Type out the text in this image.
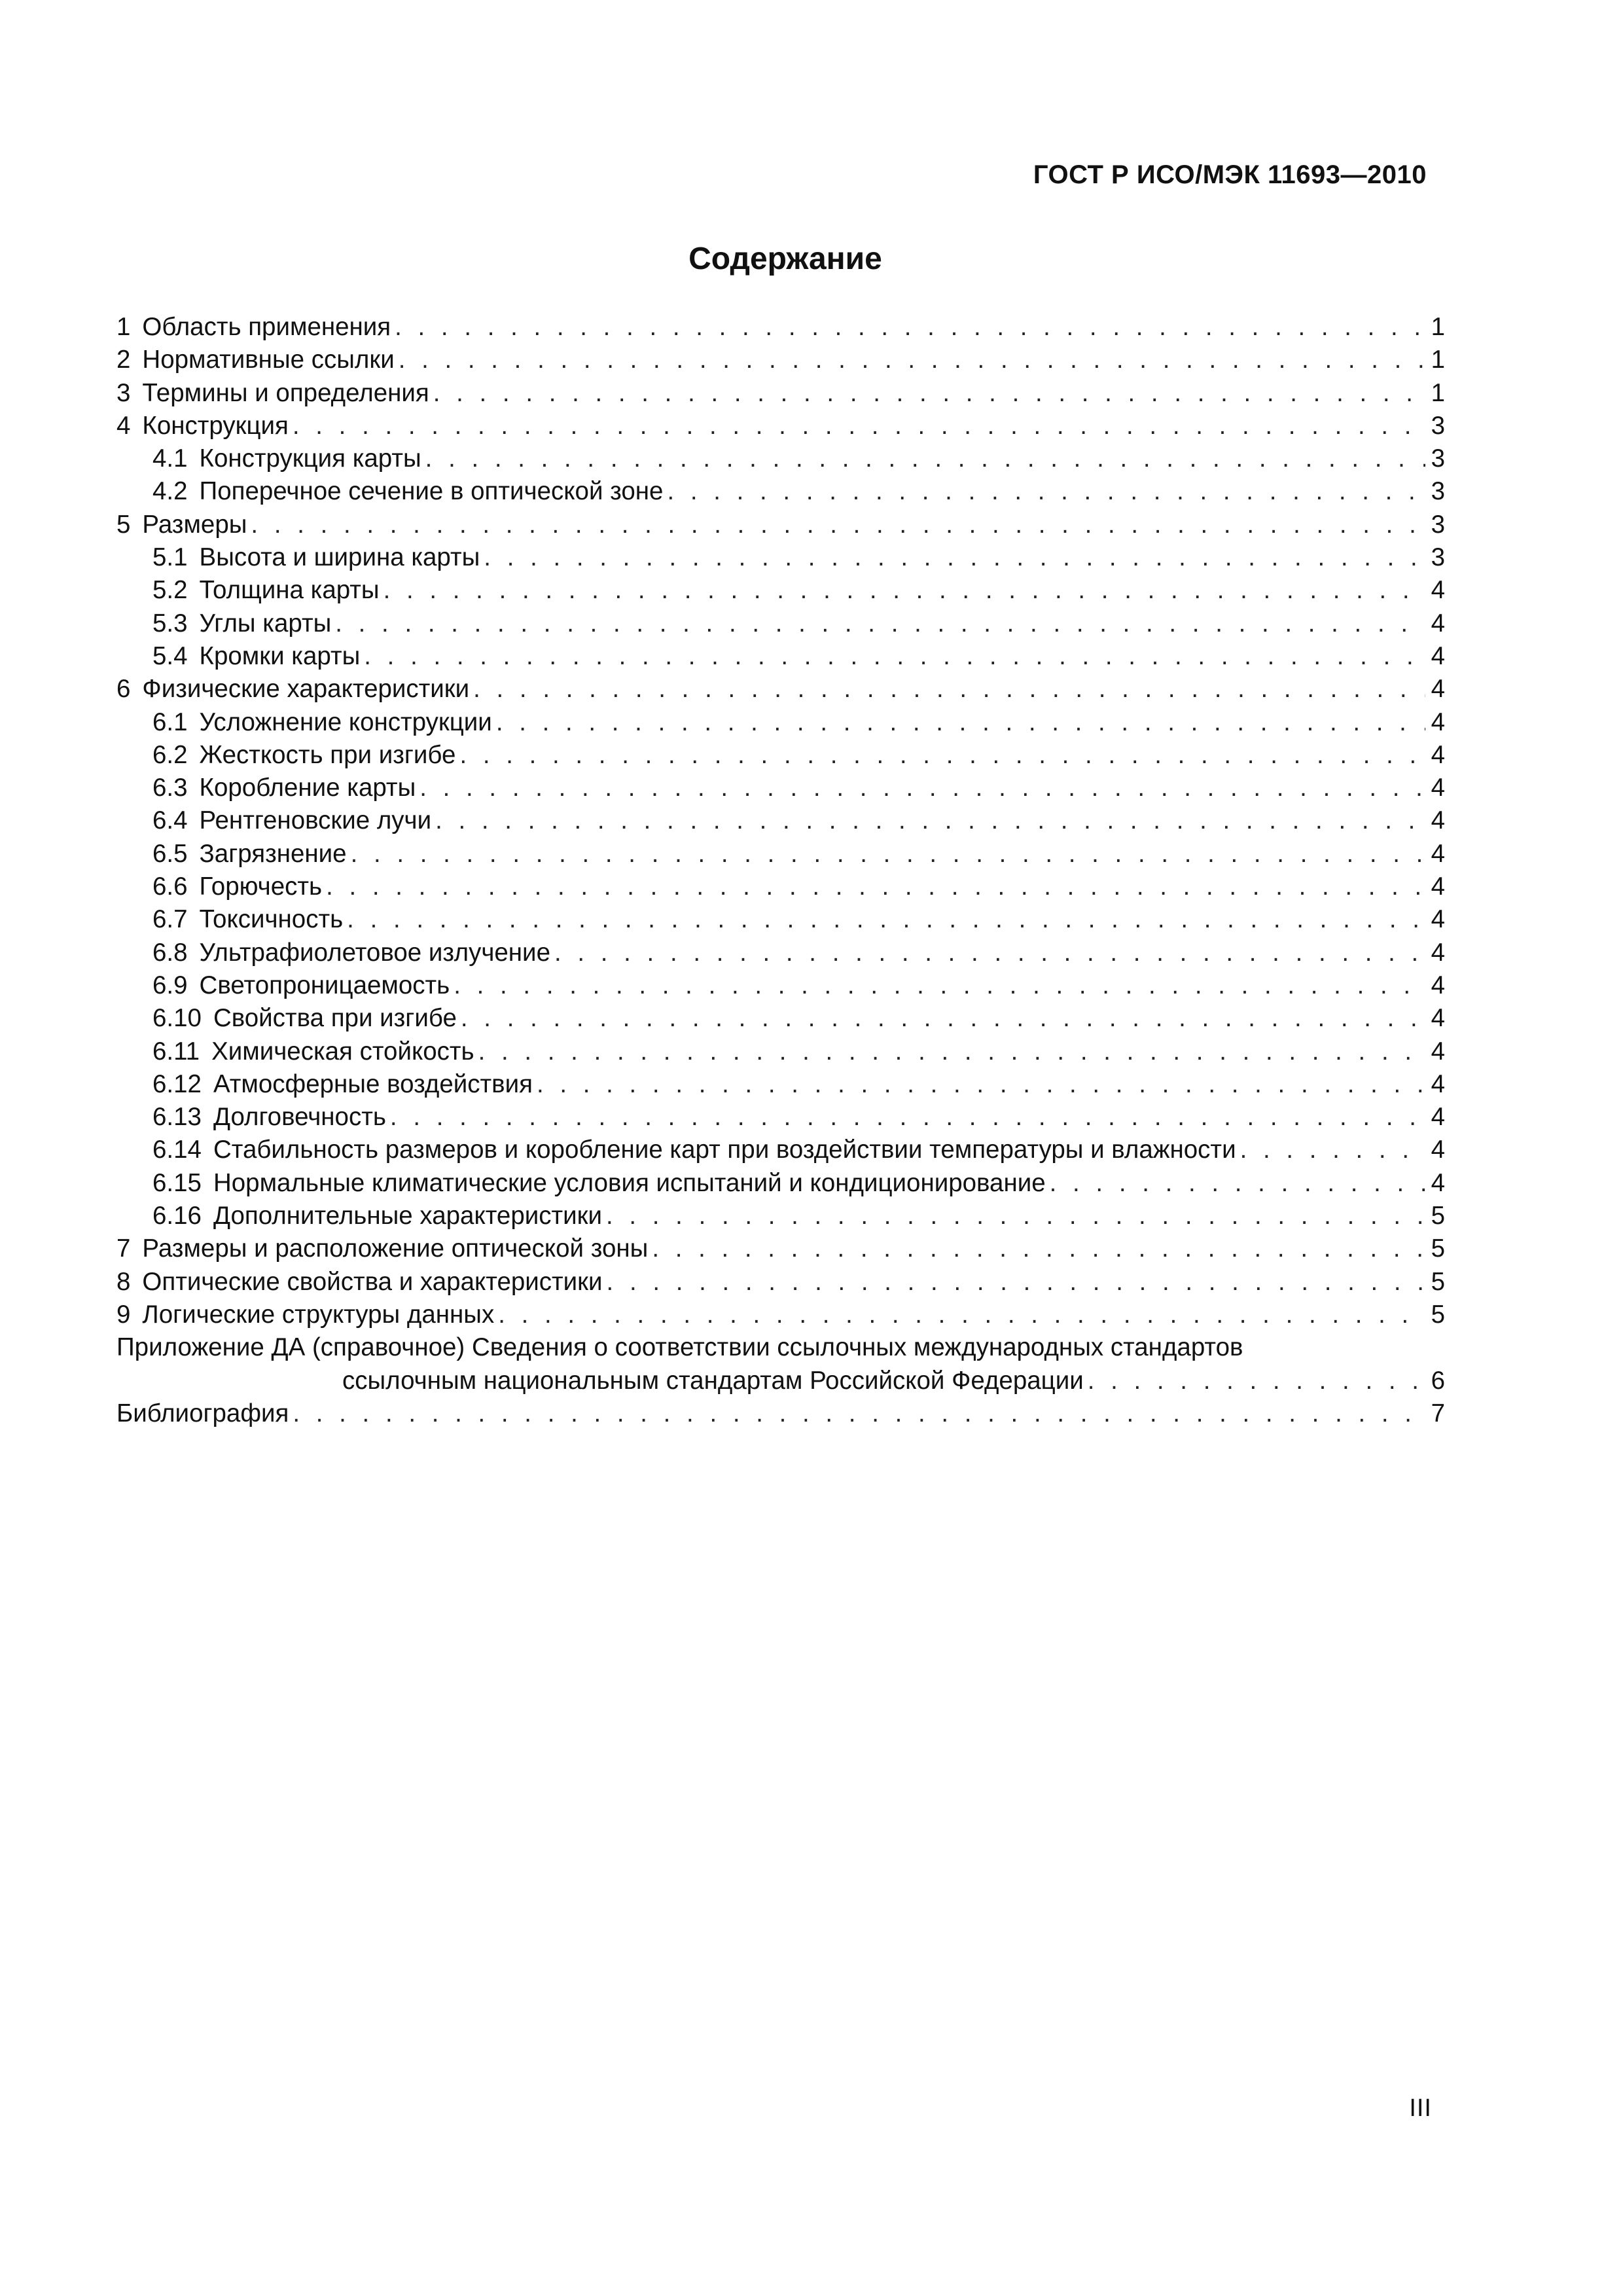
ГОСТ Р ИСО/МЭК 11693—2010
Содержание
1 Область применения . . .	1
2 Нормативные ссылки . . .	1
3 Термины и определения . . .	1
4 Конструкция . . .	3
4.1 Конструкция карты . . .	3
4.2 Поперечное сечение в оптической зоне . . .	3
5 Размеры . . .	3
5.1 Высота и ширина карты . . .	3
5.2 Толщина карты . . .	4
5.3 Углы карты . . .	4
5.4 Кромки карты . . .	4
6 Физические характеристики . . .	4
6.1 Усложнение конструкции . . .	4
6.2 Жесткость при изгибе . . .	4
6.3 Коробление карты . . .	4
6.4 Рентгеновские лучи . . .	4
6.5 Загрязнение . . .	4
6.6 Горючесть . . .	4
6.7 Токсичность . . .	4
6.8 Ультрафиолетовое излучение . . .	4
6.9 Светопроницаемость . . .	4
6.10 Свойства при изгибе . . .	4
6.11 Химическая стойкость . . .	4
6.12 Атмосферные воздействия . . .	4
6.13 Долговечность . . .	4
6.14 Стабильность размеров и коробление карт при воздействии температуры и влажности . . .	4
6.15 Нормальные климатические условия испытаний и кондиционирование . . .	4
6.16 Дополнительные характеристики . . .	5
7 Размеры и расположение оптической зоны . . .	5
8 Оптические свойства и характеристики . . .	5
9 Логические структуры данных . . .	5
Приложение ДА (справочное) Сведения о соответствии ссылочных международных стандартов
ссылочным национальным стандартам Российской Федерации . . .	6
Библиография . . .	7
III
